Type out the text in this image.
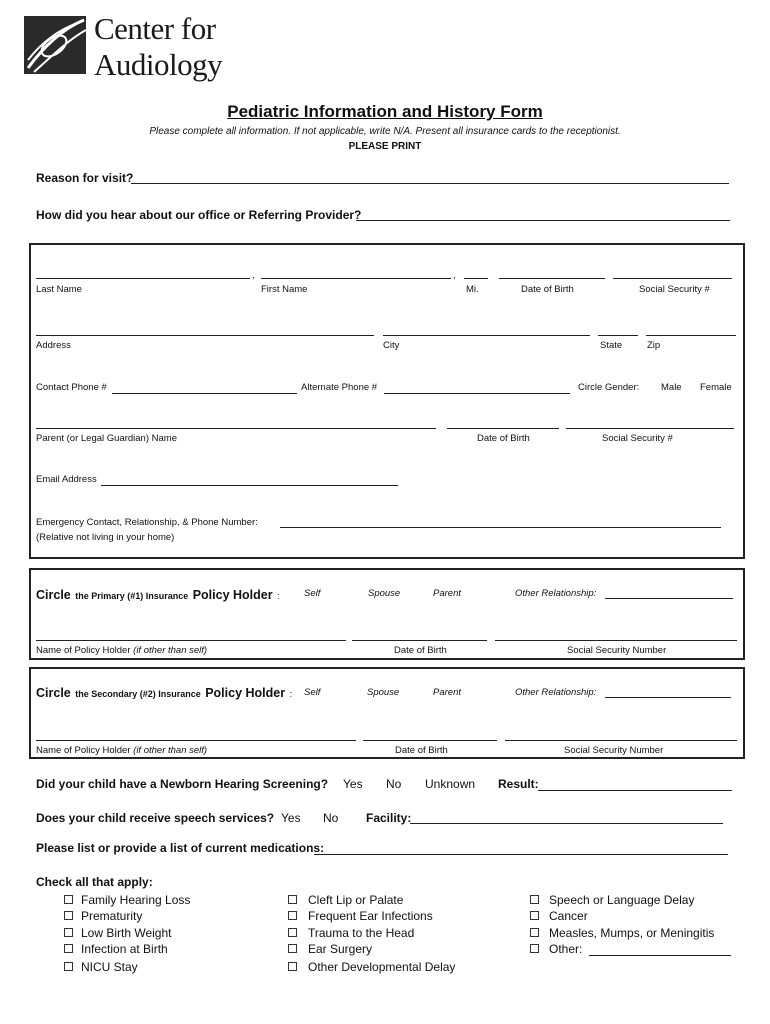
Center for
Audiology
Pediatric Information and History Form
Please complete all information. If not applicable, write N/A. Present all insurance cards to the receptionist.
PLEASE PRINT
Reason for visit?
How did you hear about our office or Referring Provider?
,	,
Last Name	First Name	Mi.	Date of Birth	Social Security #
Address	City	State	Zip
Contact Phone #	Alternate Phone #	Circle Gender: Male Female
Parent (or Legal Guardian) Name	Date of Birth	Social Security #
Email Address
Emergency Contact, Relationship, & Phone Number:
(Relative not living in your home)
Circle the Primary (#1) Insurance Policy Holder :	Self	Spouse	Parent	Other Relationship:
Name of Policy Holder (if other than self)	Date of Birth	Social Security Number
Circle the Secondary (#2) Insurance Policy Holder : Self	Spouse	Parent	Other Relationship:
Name of Policy Holder (if other than self)	Date of Birth	Social Security Number
Did your child have a Newborn Hearing Screening? Yes No Unknown Result:
Does your child receive speech services? Yes No Facility:
Please list or provide a list of current medications:
Check all that apply:
Family Hearing Loss
Prematurity
Low Birth Weight
Infection at Birth
NICU Stay
Cleft Lip or Palate
Frequent Ear Infections
Trauma to the Head
Ear Surgery
Other Developmental Delay
Speech or Language Delay
Cancer
Measles, Mumps, or Meningitis
Other:
